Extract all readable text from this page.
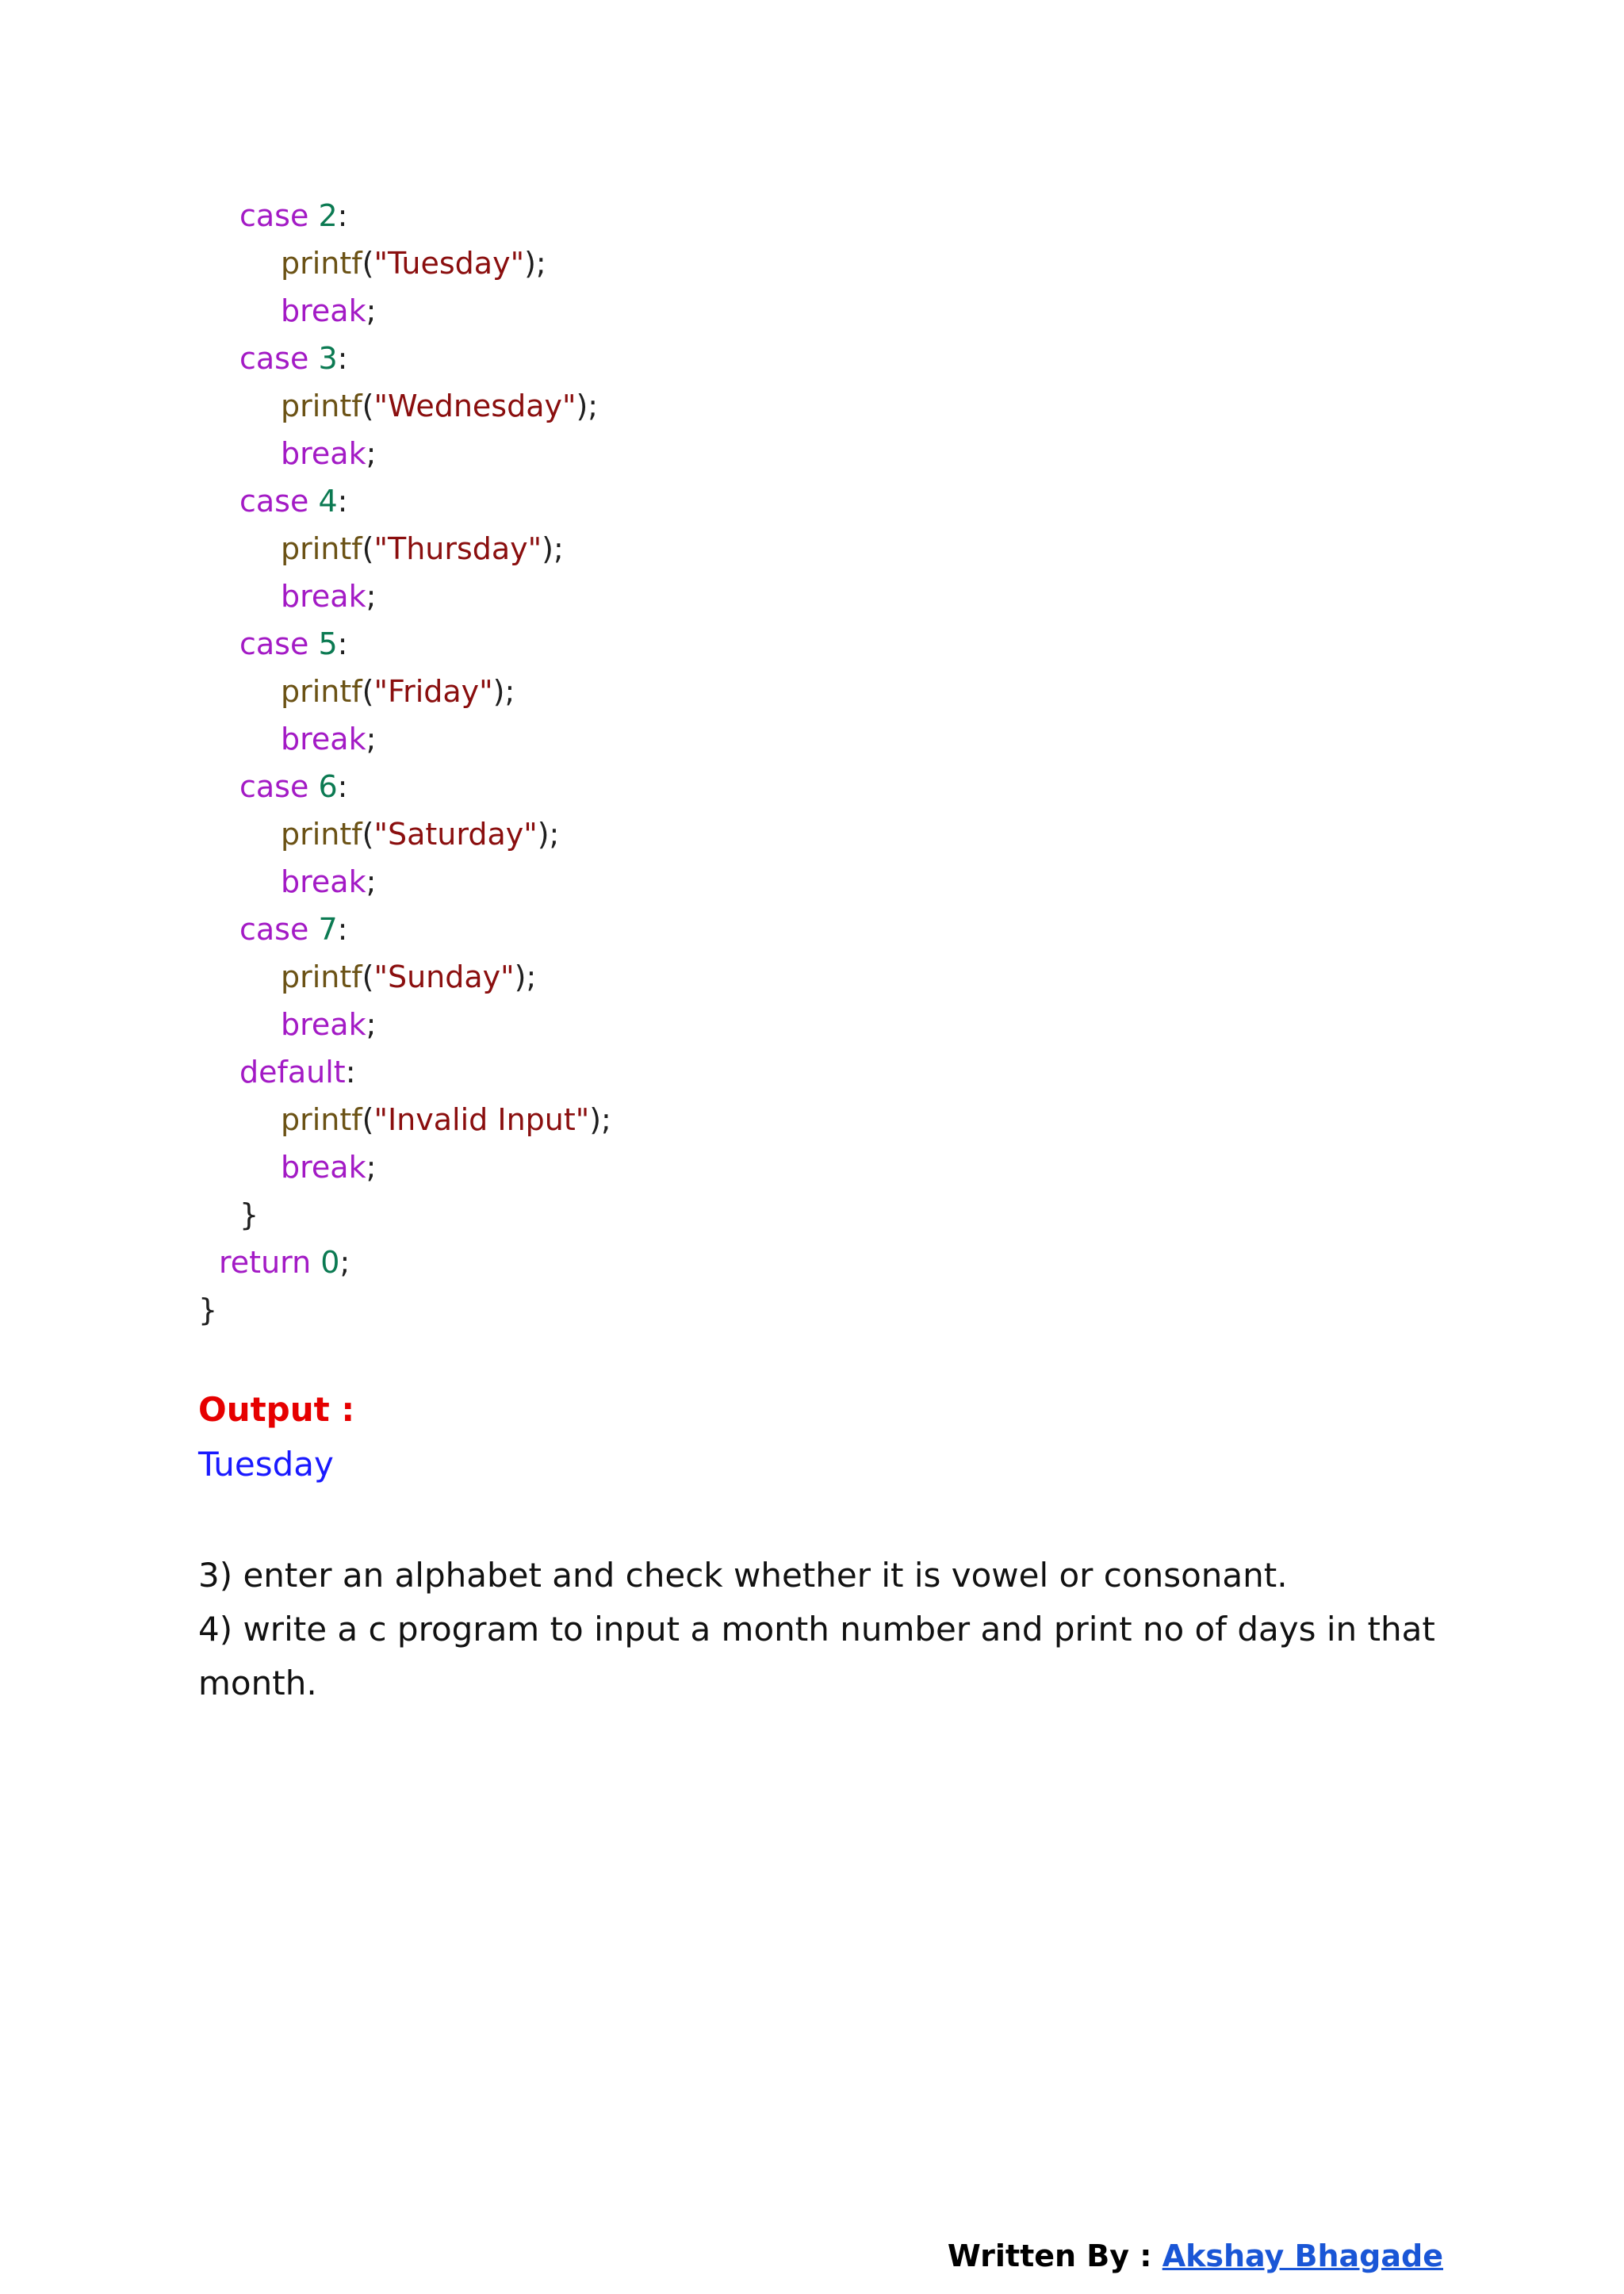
case 2:
printf("Tuesday");
break;
case 3:
printf("Wednesday");
break;
case 4:
printf("Thursday");
break;
case 5:
printf("Friday");
break;
case 6:
printf("Saturday");
break;
case 7:
printf("Sunday");
break;
default:
printf("Invalid Input");
break;
}
return 0;
}
Output :
Tuesday

3) enter an alphabet and check whether it is vowel or consonant.

4) write a c program to input a month number and print no of days in that month.

Written By : Akshay Bhagade
